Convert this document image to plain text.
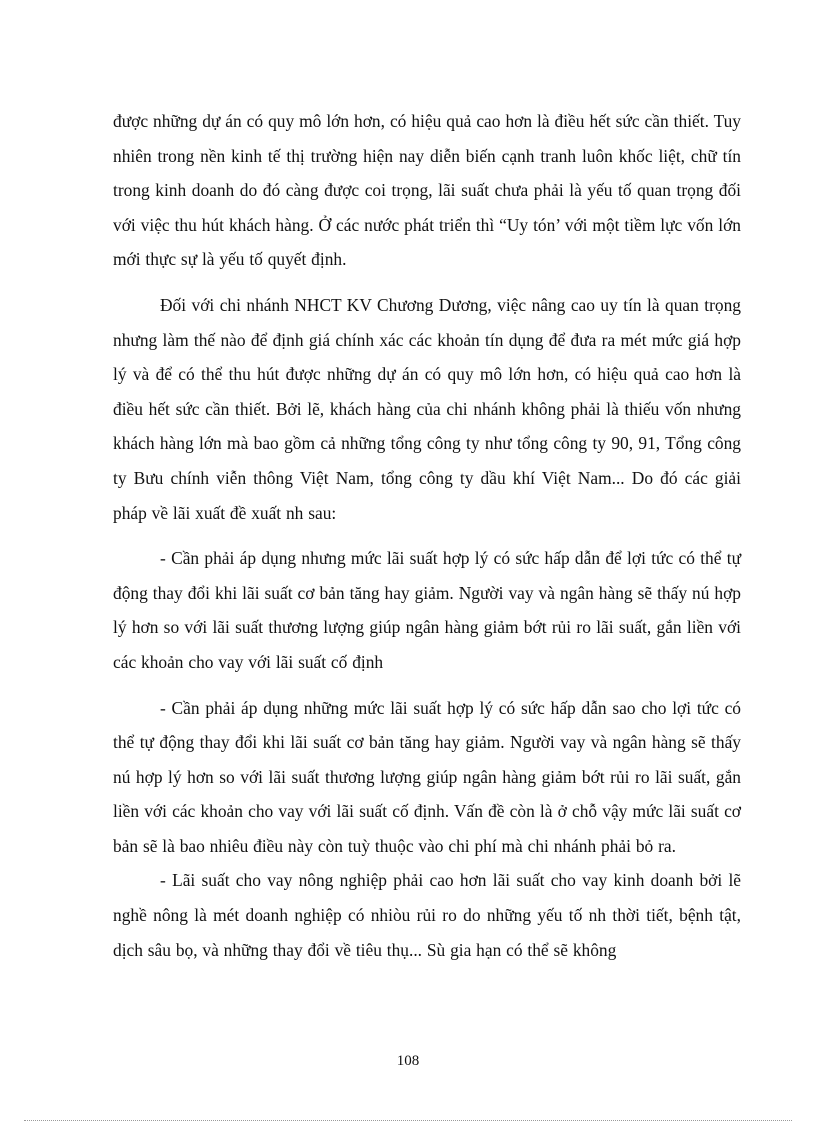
được những dự án có quy mô lớn hơn, có hiệu quả cao hơn là điều hết sức cần thiết. Tuy nhiên trong nền kinh tế thị trường hiện nay diễn biến cạnh tranh luôn khốc liệt, chữ tín trong kinh doanh do đó càng được coi trọng, lãi suất chưa phải là yếu tố quan trọng đối với việc thu hút khách hàng. Ở các nước phát triển thì “Uy tón’ với một tiềm lực vốn lớn mới thực sự là yếu tố quyết định.

Đối với chi nhánh NHCT KV Chương Dương, việc nâng cao uy tín là quan trọng nhưng làm thế nào để định giá chính xác các khoản tín dụng để đưa ra mét mức giá hợp lý và để có thể thu hút được những dự án có quy mô lớn hơn, có hiệu quả cao hơn là điều hết sức cần thiết. Bởi lẽ, khách hàng của chi nhánh không phải là thiếu vốn nhưng khách hàng lớn mà bao gồm cả những tổng công ty như tổng công ty 90, 91, Tổng công ty Bưu chính viễn thông Việt Nam, tổng công ty dầu khí Việt Nam... Do đó các giải pháp về lãi xuất đề xuất nh sau:

- Cần phải áp dụng nhưng mức lãi suất hợp lý có sức hấp dẫn để lợi tức có thể tự động thay đổi khi lãi suất cơ bản tăng hay giảm. Người vay và ngân hàng sẽ thấy nú hợp lý hơn so với lãi suất thương lượng giúp ngân hàng giảm bớt rủi ro lãi suất, gắn liền với các khoản cho vay với lãi suất cố định

- Cần phải áp dụng những mức lãi suất hợp lý có sức hấp dẫn sao cho lợi tức có thể tự động thay đổi khi lãi suất cơ bản tăng hay giảm. Người vay và ngân hàng sẽ thấy nú hợp lý hơn so với lãi suất thương lượng giúp ngân hàng giảm bớt rủi ro lãi suất, gắn liền với các khoản cho vay với lãi suất cố định. Vấn đề còn là ở chỗ vậy mức lãi suất cơ bản sẽ là bao nhiêu điều này còn tuỳ thuộc vào chi phí mà chi nhánh phải bỏ ra.

- Lãi suất cho vay nông nghiệp phải cao hơn lãi suất cho vay kinh doanh bởi lẽ nghề nông là mét doanh nghiệp có nhiòu rủi ro do những yếu tố nh thời tiết, bệnh tật, dịch sâu bọ, và những thay đổi về tiêu thụ... Sù gia hạn có thể sẽ không

108
